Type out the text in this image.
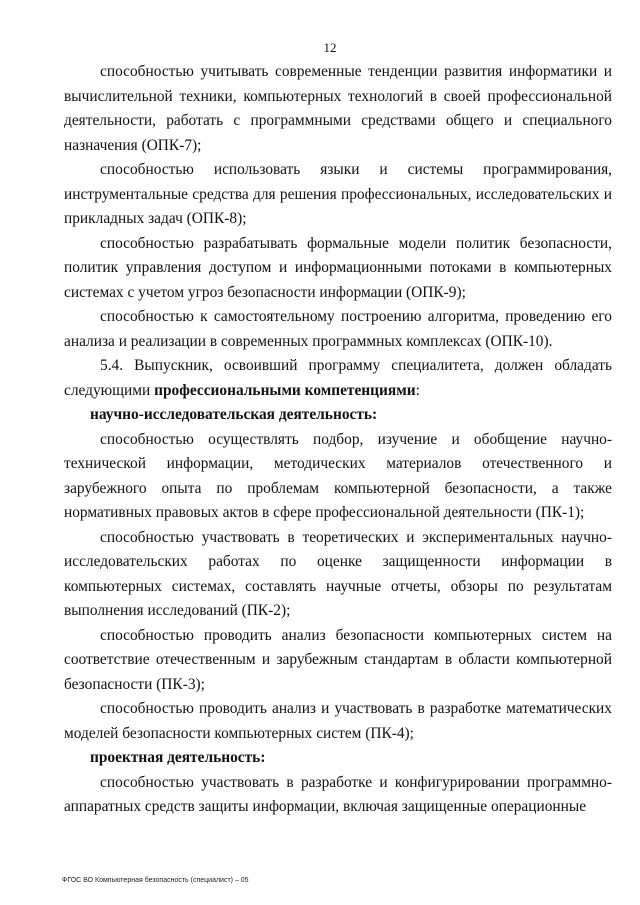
12

способностью учитывать современные тенденции развития информатики и вычислительной техники, компьютерных технологий в своей профессиональной деятельности, работать с программными средствами общего и специального назначения (ОПК-7);

способностью использовать языки и системы программирования, инструментальные средства для решения профессиональных, исследовательских и прикладных задач (ОПК-8);

способностью разрабатывать формальные модели политик безопасности, политик управления доступом и информационными потоками в компьютерных системах с учетом угроз безопасности информации (ОПК-9);

способностью к самостоятельному построению алгоритма, проведению его анализа и реализации в современных программных комплексах (ОПК-10).

5.4. Выпускник, освоивший программу специалитета, должен обладать следующими профессиональными компетенциями:

научно-исследовательская деятельность:

способностью осуществлять подбор, изучение и обобщение научно-технической информации, методических материалов отечественного и зарубежного опыта по проблемам компьютерной безопасности, а также нормативных правовых актов в сфере профессиональной деятельности (ПК-1);

способностью участвовать в теоретических и экспериментальных научно-исследовательских работах по оценке защищенности информации в компьютерных системах, составлять научные отчеты, обзоры по результатам выполнения исследований (ПК-2);

способностью проводить анализ безопасности компьютерных систем на соответствие отечественным и зарубежным стандартам в области компьютерной безопасности (ПК-3);

способностью проводить анализ и участвовать в разработке математических моделей безопасности компьютерных систем (ПК-4);

проектная деятельность:

способностью участвовать в разработке и конфигурировании программно-аппаратных средств защиты информации, включая защищенные операционные

ФГОС ВО Компьютерная безопасность (специалист) – 05
